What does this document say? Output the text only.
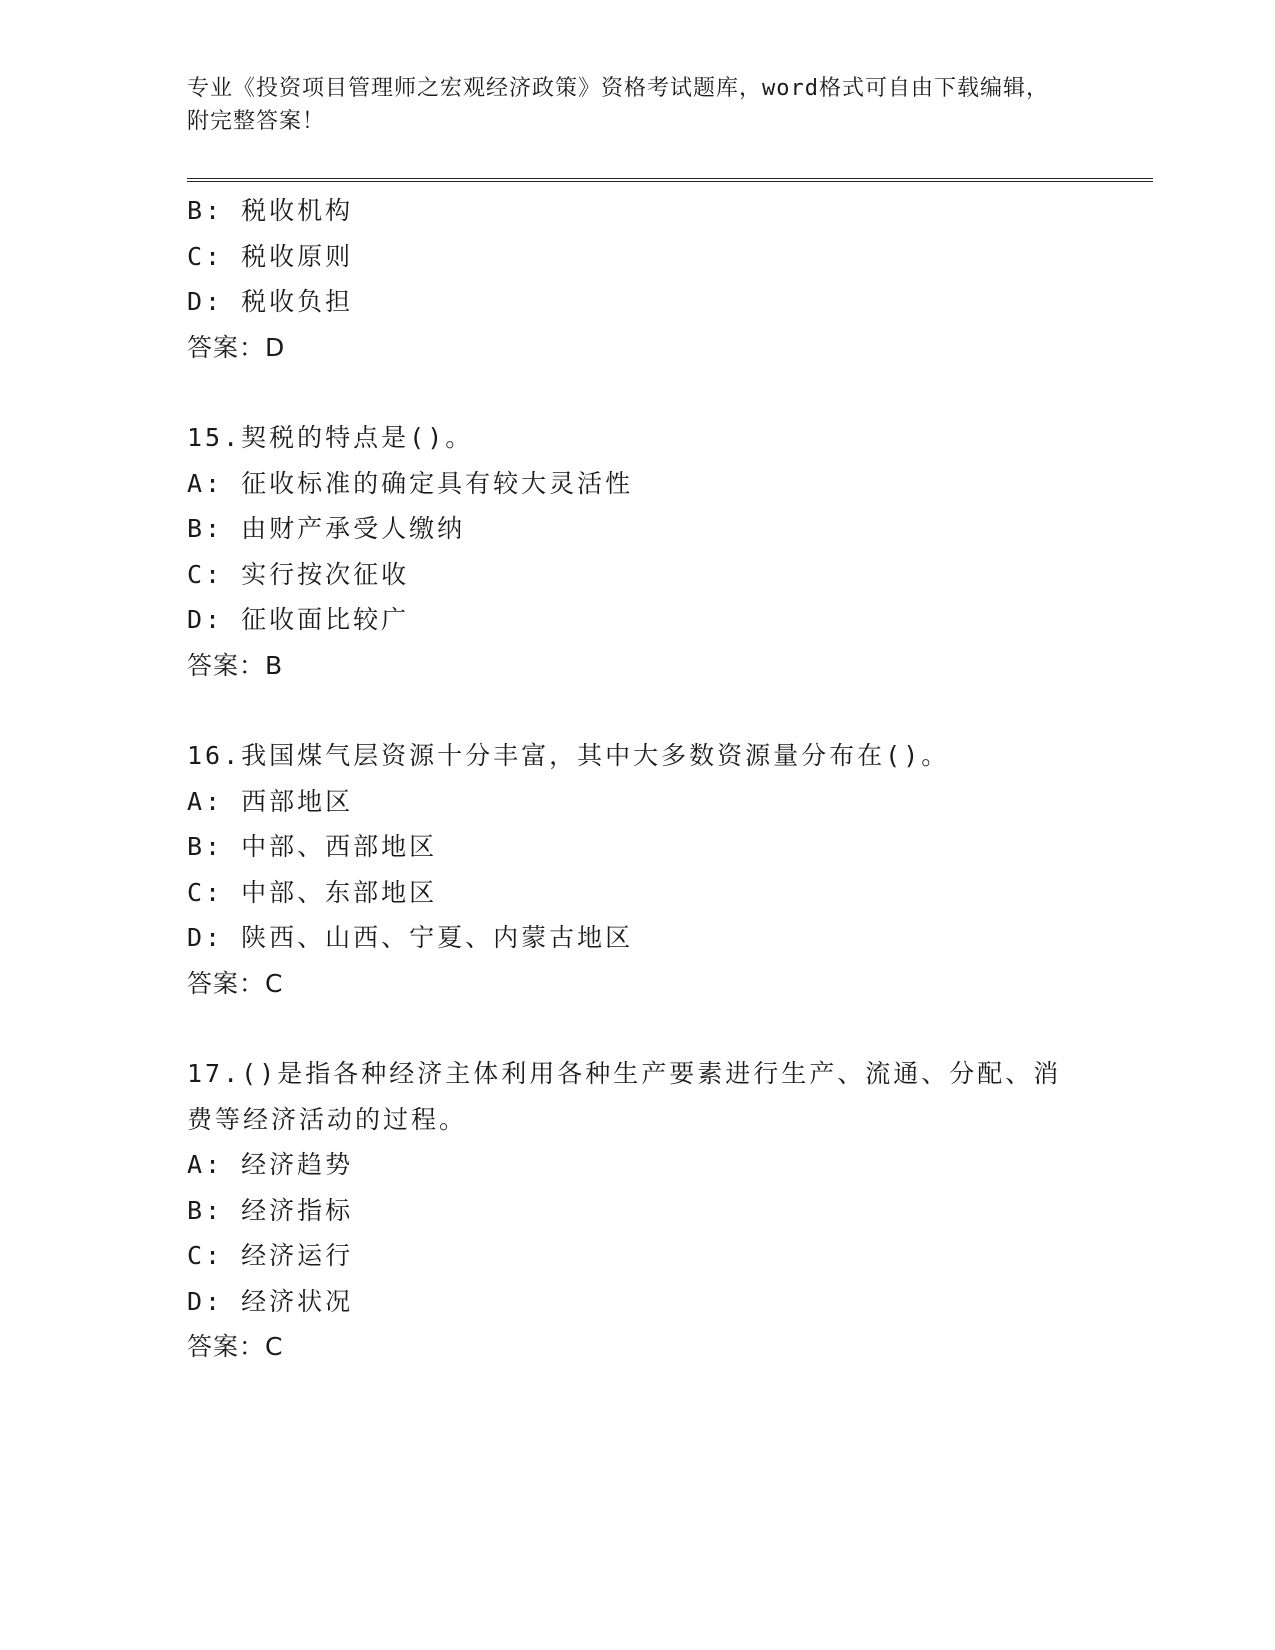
专业《投资项目管理师之宏观经济政策》资格考试题库，word格式可自由下载编辑，附完整答案！
B: 税收机构
C: 税收原则
D: 税收负担
答案：D
15.契税的特点是()。
A: 征收标准的确定具有较大灵活性
B: 由财产承受人缴纳
C: 实行按次征收
D: 征收面比较广
答案：B
16.我国煤气层资源十分丰富，其中大多数资源量分布在()。
A: 西部地区
B: 中部、西部地区
C: 中部、东部地区
D: 陕西、山西、宁夏、内蒙古地区
答案：C
17.()是指各种经济主体利用各种生产要素进行生产、流通、分配、消费等经济活动的过程。
A: 经济趋势
B: 经济指标
C: 经济运行
D: 经济状况
答案：C
